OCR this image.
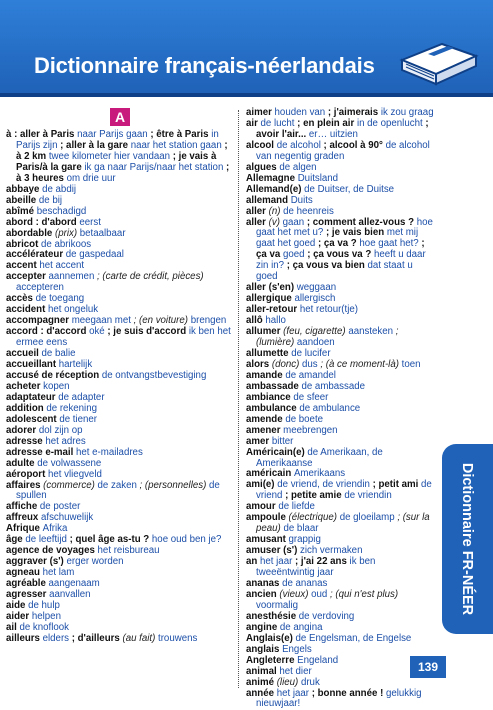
Dictionnaire français-néerlandais
A

à : aller à Paris naar Parijs gaan ; être à Paris in Parijs zijn ; aller à la gare naar het station gaan ; à 2 km twee kilometer hier vandaan ; je vais à Paris/à la gare ik ga naar Parijs/naar het station ; à 3 heures om drie uur

abbaye de abdij

abeille de bij

abîmé beschadigd

abord : d'abord eerst

abordable (prix) betaalbaar

abricot de abrikoos

accélérateur de gaspedaal

accent het accent

accepter aannemen ; (carte de crédit, pièces) accepteren

accès de toegang

accident het ongeluk

accompagner meegaan met ; (en voiture) brengen

accord : d'accord oké ; je suis d'accord ik ben het ermee eens

accueil de balie

accueillant hartelijk

accusé de réception de ontvangstbevestiging

acheter kopen

adaptateur de adapter

addition de rekening

adolescent de tiener

adorer dol zijn op

adresse het adres

adresse e-mail het e-mailadres

adulte de volwassene

aéroport het vliegveld

affaires (commerce) de zaken ; (personnelles) de spullen

affiche de poster

affreux afschuwelijk

Afrique Afrika

âge de leeftijd ; quel âge as-tu ? hoe oud ben je?

agence de voyages het reisbureau

aggraver (s') erger worden

agneau het lam

agréable aangenaam

agresser aanvallen

aide de hulp

aider helpen

ail de knoflook

ailleurs elders ; d'ailleurs (au fait) trouwens

aimer houden van ; j'aimerais ik zou graag

air de lucht ; en plein air in de openlucht ; avoir l'air... er… uitzien

alcool de alcohol ; alcool à 90° de alcohol van negentig graden

algues de algen

Allemagne Duitsland

Allemand(e) de Duitser, de Duitse

allemand Duits

aller (n) de heenreis

aller (v) gaan ; comment allez-vous ? hoe gaat het met u? ; je vais bien met mij gaat het goed ; ça va ? hoe gaat het? ; ça va goed ; ça vous va ? heeft u daar zin in? ; ça vous va bien dat staat u goed

aller (s'en) weggaan

allergique allergisch

aller-retour het retour(tje)

allô hallo

allumer (feu, cigarette) aansteken ; (lumière) aandoen

allumette de lucifer

alors (donc) dus ; (à ce moment-là) toen

amande de amandel

ambassade de ambassade

ambiance de sfeer

ambulance de ambulance

amende de boete

amener meebrengen

amer bitter

Américain(e) de Amerikaan, de Amerikaanse

américain Amerikaans

ami(e) de vriend, de vriendin ; petit ami de vriend ; petite amie de vriendin

amour de liefde

ampoule (électrique) de gloeilamp ; (sur la peau) de blaar

amusant grappig

amuser (s') zich vermaken

an het jaar ; j'ai 22 ans ik ben tweeëntwintig jaar

ananas de ananas

ancien (vieux) oud ; (qui n'est plus) voormalig

anesthésie de verdoving

angine de angina

Anglais(e) de Engelsman, de Engelse

anglais Engels

Angleterre Engeland

animal het dier

animé (lieu) druk

année het jaar ; bonne année ! gelukkig nieuwjaar!

Dictionnaire FR-NÉER
139
